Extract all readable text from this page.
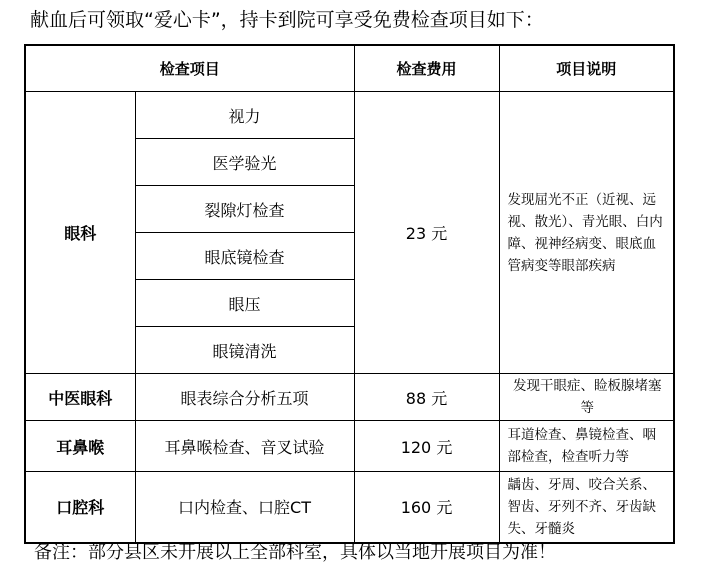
献血后可领取“爱心卡”，持卡到院可享受免费检查项目如下：
检查项目		检查费用	项目说明
眼科	视力	23 元	发现屈光不正（近视、远视、散光）、青光眼、白内障、视神经病变、眼底血管病变等眼部疾病
	医学验光		
	裂隙灯检查		
	眼底镜检查		
	眼压		
	眼镜清洗		
中医眼科	眼表综合分析五项	88 元	发现干眼症、睑板腺堵塞等
耳鼻喉	耳鼻喉检查、音叉试验	120 元	耳道检查、鼻镜检查、咽部检查，检查听力等
口腔科	口内检查、口腔CT	160 元	龋齿、牙周、咬合关系、智齿、牙列不齐、牙齿缺失、牙髓炎
备注：部分县区未开展以上全部科室，具体以当地开展项目为准！
